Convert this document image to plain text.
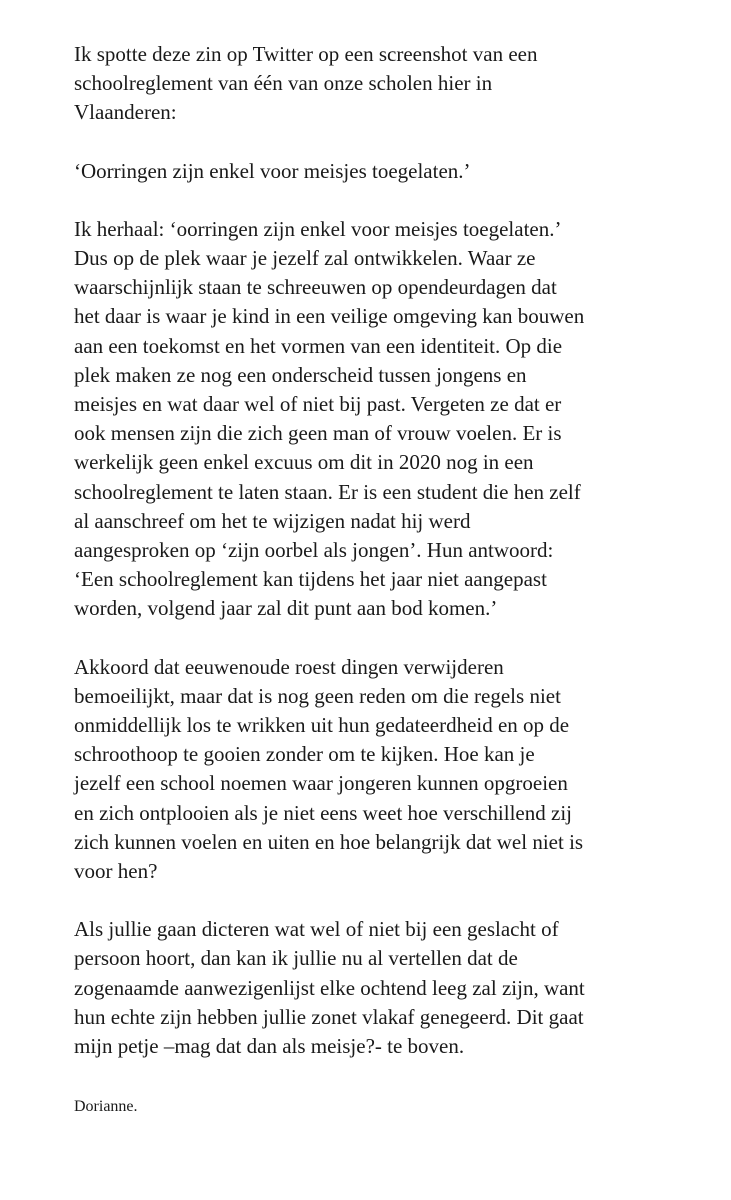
Ik spotte deze zin op Twitter op een screenshot van een
schoolreglement van één van onze scholen hier in
Vlaanderen:
‘Oorringen zijn enkel voor meisjes toegelaten.’
Ik herhaal: ‘oorringen zijn enkel voor meisjes toegelaten.’
Dus op de plek waar je jezelf zal ontwikkelen. Waar ze
waarschijnlijk staan te schreeuwen op opendeurdagen dat
het daar is waar je kind in een veilige omgeving kan bouwen
aan een toekomst en het vormen van een identiteit. Op die
plek maken ze nog een onderscheid tussen jongens en
meisjes en wat daar wel of niet bij past. Vergeten ze dat er
ook mensen zijn die zich geen man of vrouw voelen. Er is
werkelijk geen enkel excuus om dit in 2020 nog in een
schoolreglement te laten staan. Er is een student die hen zelf
al aanschreef om het te wijzigen nadat hij werd
aangesproken op ‘zijn oorbel als jongen’. Hun antwoord:
‘Een schoolreglement kan tijdens het jaar niet aangepast
worden, volgend jaar zal dit punt aan bod komen.’
Akkoord dat eeuwenoude roest dingen verwijderen
bemoeilijkt, maar dat is nog geen reden om die regels niet
onmiddellijk los te wrikken uit hun gedateerdheid en op de
schroothoop te gooien zonder om te kijken. Hoe kan je
jezelf een school noemen waar jongeren kunnen opgroeien
en zich ontplooien als je niet eens weet hoe verschillend zij
zich kunnen voelen en uiten en hoe belangrijk dat wel niet is
voor hen?
Als jullie gaan dicteren wat wel of niet bij een geslacht of
persoon hoort, dan kan ik jullie nu al vertellen dat de
zogenaamde aanwezigenlijst elke ochtend leeg zal zijn, want
hun echte zijn hebben jullie zonet vlakaf genegeerd. Dit gaat
mijn petje –mag dat dan als meisje?- te boven.
Dorianne.
